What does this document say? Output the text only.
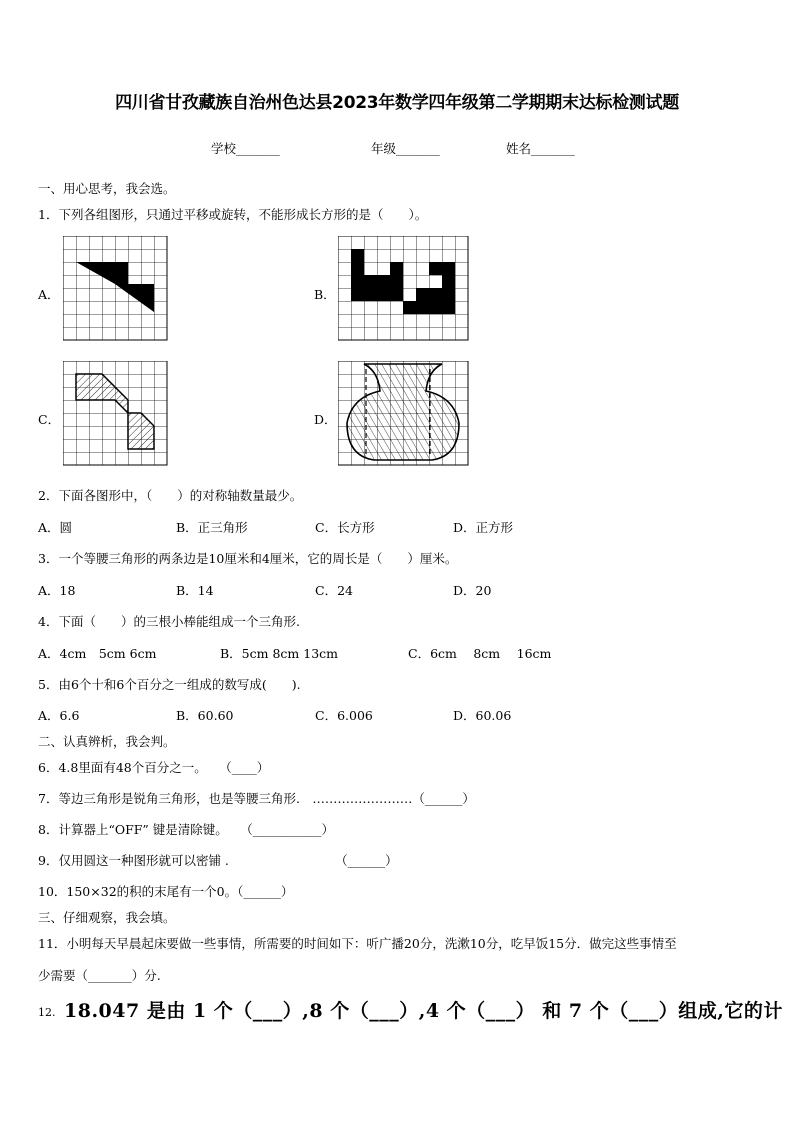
四川省甘孜藏族自治州色达县2023年数学四年级第二学期期末达标检测试题
学校_______	年级_______	姓名_______
一、用心思考，我会选。
1．下列各组图形，只通过平移或旋转，不能形成长方形的是（　　）。
A．	B．
C．	D．
2．下面各图形中，（　　）的对称轴数量最少。
A．圆	B．正三角形	C．长方形	D．正方形
3．一个等腰三角形的两条边是10厘米和4厘米，它的周长是（　　）厘米。
A．18	B．14	C．24	D．20
4．下面（　　）的三根小棒能组成一个三角形.
A．4cm　5cm 6cm	B．5cm 8cm 13cm	C．6cm　 8cm　 16cm
5．由6个十和6个百分之一组成的数写成(　　).
A．6.6	B．60.60	C．6.006	D．60.06
二、认真辨析，我会判。
6．4.8里面有48个百分之一。　　（____）
7．等边三角形是锐角三角形，也是等腰三角形.　……………………（______）
8．计算器上“OFF” 键是清除键。　　（___________）
9．仅用圆这一种图形就可以密铺 .　　　　　　　　　（______）
10．150×32的积的末尾有一个0。（______）
三、仔细观察，我会填。
11．小明每天早晨起床要做一些事情，所需要的时间如下：听广播20分，洗漱10分，吃早饭15分．做完这些事情至
少需要（_______）分.
12. 18.047 是由 1 个（___）,8 个（___）,4 个（___） 和 7 个（___）组成,它的计
